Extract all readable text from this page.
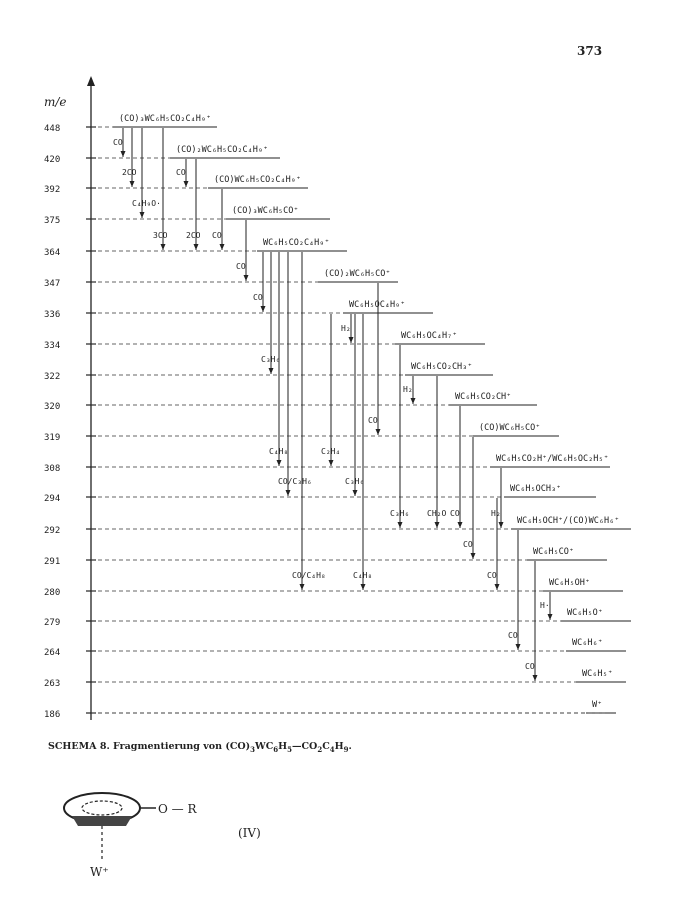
373
m/e
448
420
392
375
364
347
336
334
322
320
319
308
294
292
291
280
279
264
263
186
(CO)₃WC₆H₅CO₂C₄H₉⁺
(CO)₂WC₆H₅CO₂C₄H₉⁺
(CO)WC₆H₅CO₂C₄H₉⁺
(CO)₃WC₆H₅CO⁺
WC₆H₅CO₂C₄H₉⁺
(CO)₂WC₆H₅CO⁺
WC₆H₅OC₄H₉⁺
WC₆H₅OC₄H₇⁺
WC₆H₅CO₂CH₃⁺
WC₆H₅CO₂CH⁺
(CO)WC₆H₅CO⁺
WC₆H₅CO₂H⁺/WC₆H₅OC₂H₅⁺
WC₆H₅OCH₃⁺
WC₆H₅OCH⁺/(CO)WC₆H₆⁺
WC₆H₅CO⁺
WC₆H₅OH⁺
WC₆H₅O⁺
WC₆H₆⁺
WC₆H₅⁺
W⁺
CO
2CO
C₄H₉O·
3CO
CO
2CO CO
CO
CO
C₃H₆
C₄H₈
CO/C₃H₆
CO/C₄H₈
H₂
C₂H₄
C₃H₆
C₄H₈
CO
C₃H₆
H₂
CH₂O CO
CO
H₂
CO
H·
CO
CO
SCHEMA 8. Fragmentierung von $(CO)_3WC_6H_5—CO_2C_4H_9$.
O — R
W⁺
(IV)
